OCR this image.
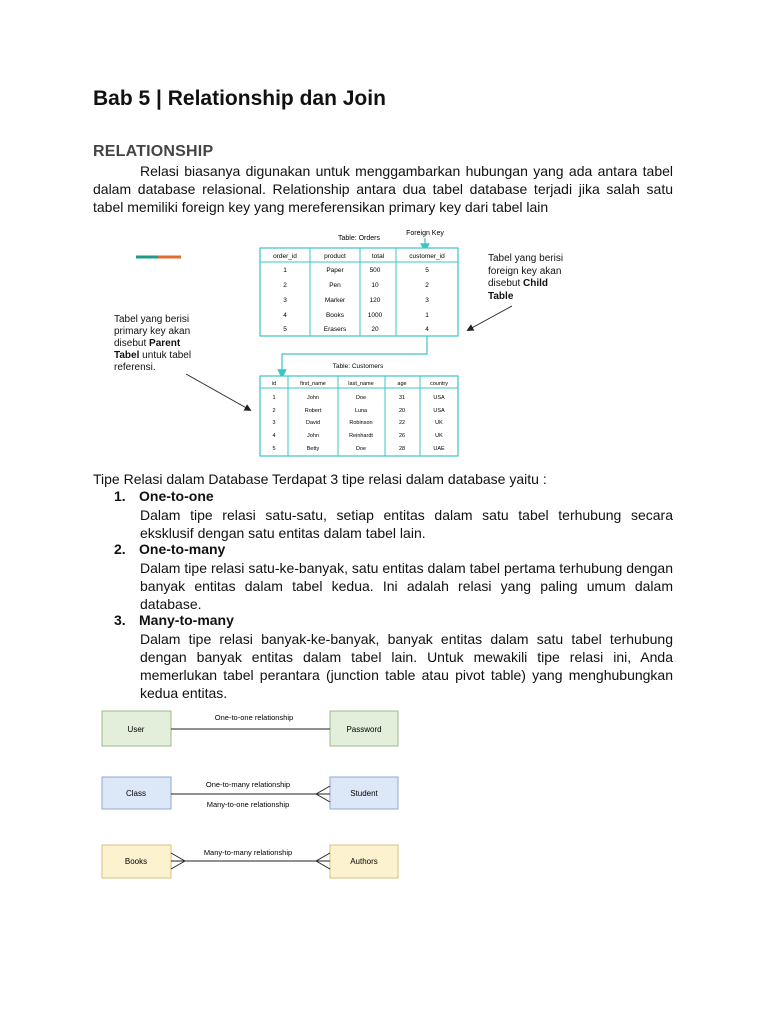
Bab 5 | Relationship dan Join
RELATIONSHIP
Relasi biasanya digunakan untuk menggambarkan hubungan yang ada antara tabel dalam database relasional. Relationship antara dua tabel database terjadi jika salah satu tabel memiliki foreign key yang mereferensikan primary key dari tabel lain
Table: Orders
Foreign Key
order_id	product	total	customer_id
1	Paper	500	5
2	Pen	10	2
3	Marker	120	3
4	Books	1000	1
5	Erasers	20	4
Table: Customers
id	first_name	last_name	age	country
1	John	Doe	31	USA
2	Robert	Luna	20	USA
3	David	Robinson	22	UK
4	John	Reinhardt	26	UK
5	Betty	Doe	28	UAE
Tabel yang berisi
foreign key akan
disebut Child
Table
Tabel yang berisi
primary key akan
disebut Parent
Tabel untuk tabel
referensi.
Tipe Relasi dalam Database Terdapat 3 tipe relasi dalam database yaitu :
1. One-to-one
Dalam tipe relasi satu-satu, setiap entitas dalam satu tabel terhubung secara eksklusif dengan satu entitas dalam tabel lain.
2. One-to-many
Dalam tipe relasi satu-ke-banyak, satu entitas dalam tabel pertama terhubung dengan banyak entitas dalam tabel kedua. Ini adalah relasi yang paling umum dalam database.
3. Many-to-many
Dalam tipe relasi banyak-ke-banyak, banyak entitas dalam satu tabel terhubung dengan banyak entitas dalam tabel lain. Untuk mewakili tipe relasi ini, Anda memerlukan tabel perantara (junction table atau pivot table) yang menghubungkan kedua entitas.
User	Password
One-to-one relationship
Class	Student
One-to-many relationship
Many-to-one relationship
Books	Authors
Many-to-many relationship
